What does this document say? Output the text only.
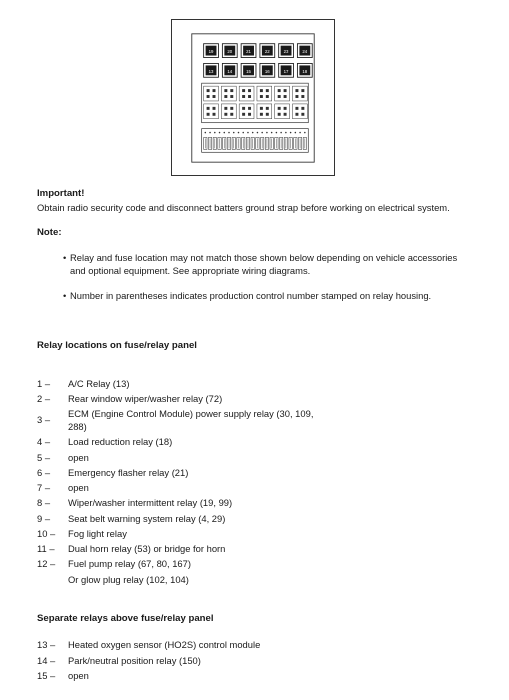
19	20	21	22	23	24
13	14	15	16	17	18
Important!
Obtain radio security code and disconnect batters ground strap before working on electrical system.
Note:
• Relay and fuse location may not match those shown below depending on vehicle accessories and optional equipment. See appropriate wiring diagrams.
• Number in parentheses indicates production control number stamped on relay housing.
Relay locations on fuse/relay panel
1 –	A/C Relay (13)
2 –	Rear window wiper/washer relay (72)
3 –
ECM (Engine Control Module) power supply relay (30, 109, 288)
4 –	Load reduction relay (18)
5 –	open
6 –	Emergency flasher relay (21)
7 –	open
8 –	Wiper/washer intermittent relay (19, 99)
9 –	Seat belt warning system relay (4, 29)
10 –	Fog light relay
11 –	Dual horn relay (53) or bridge for horn
12 –	Fuel pump relay (67, 80, 167)
Or glow plug relay (102, 104)
Separate relays above fuse/relay panel
13 –	Heated oxygen sensor (HO2S) control module
14 –	Park/neutral position relay (150)
15 –	open
